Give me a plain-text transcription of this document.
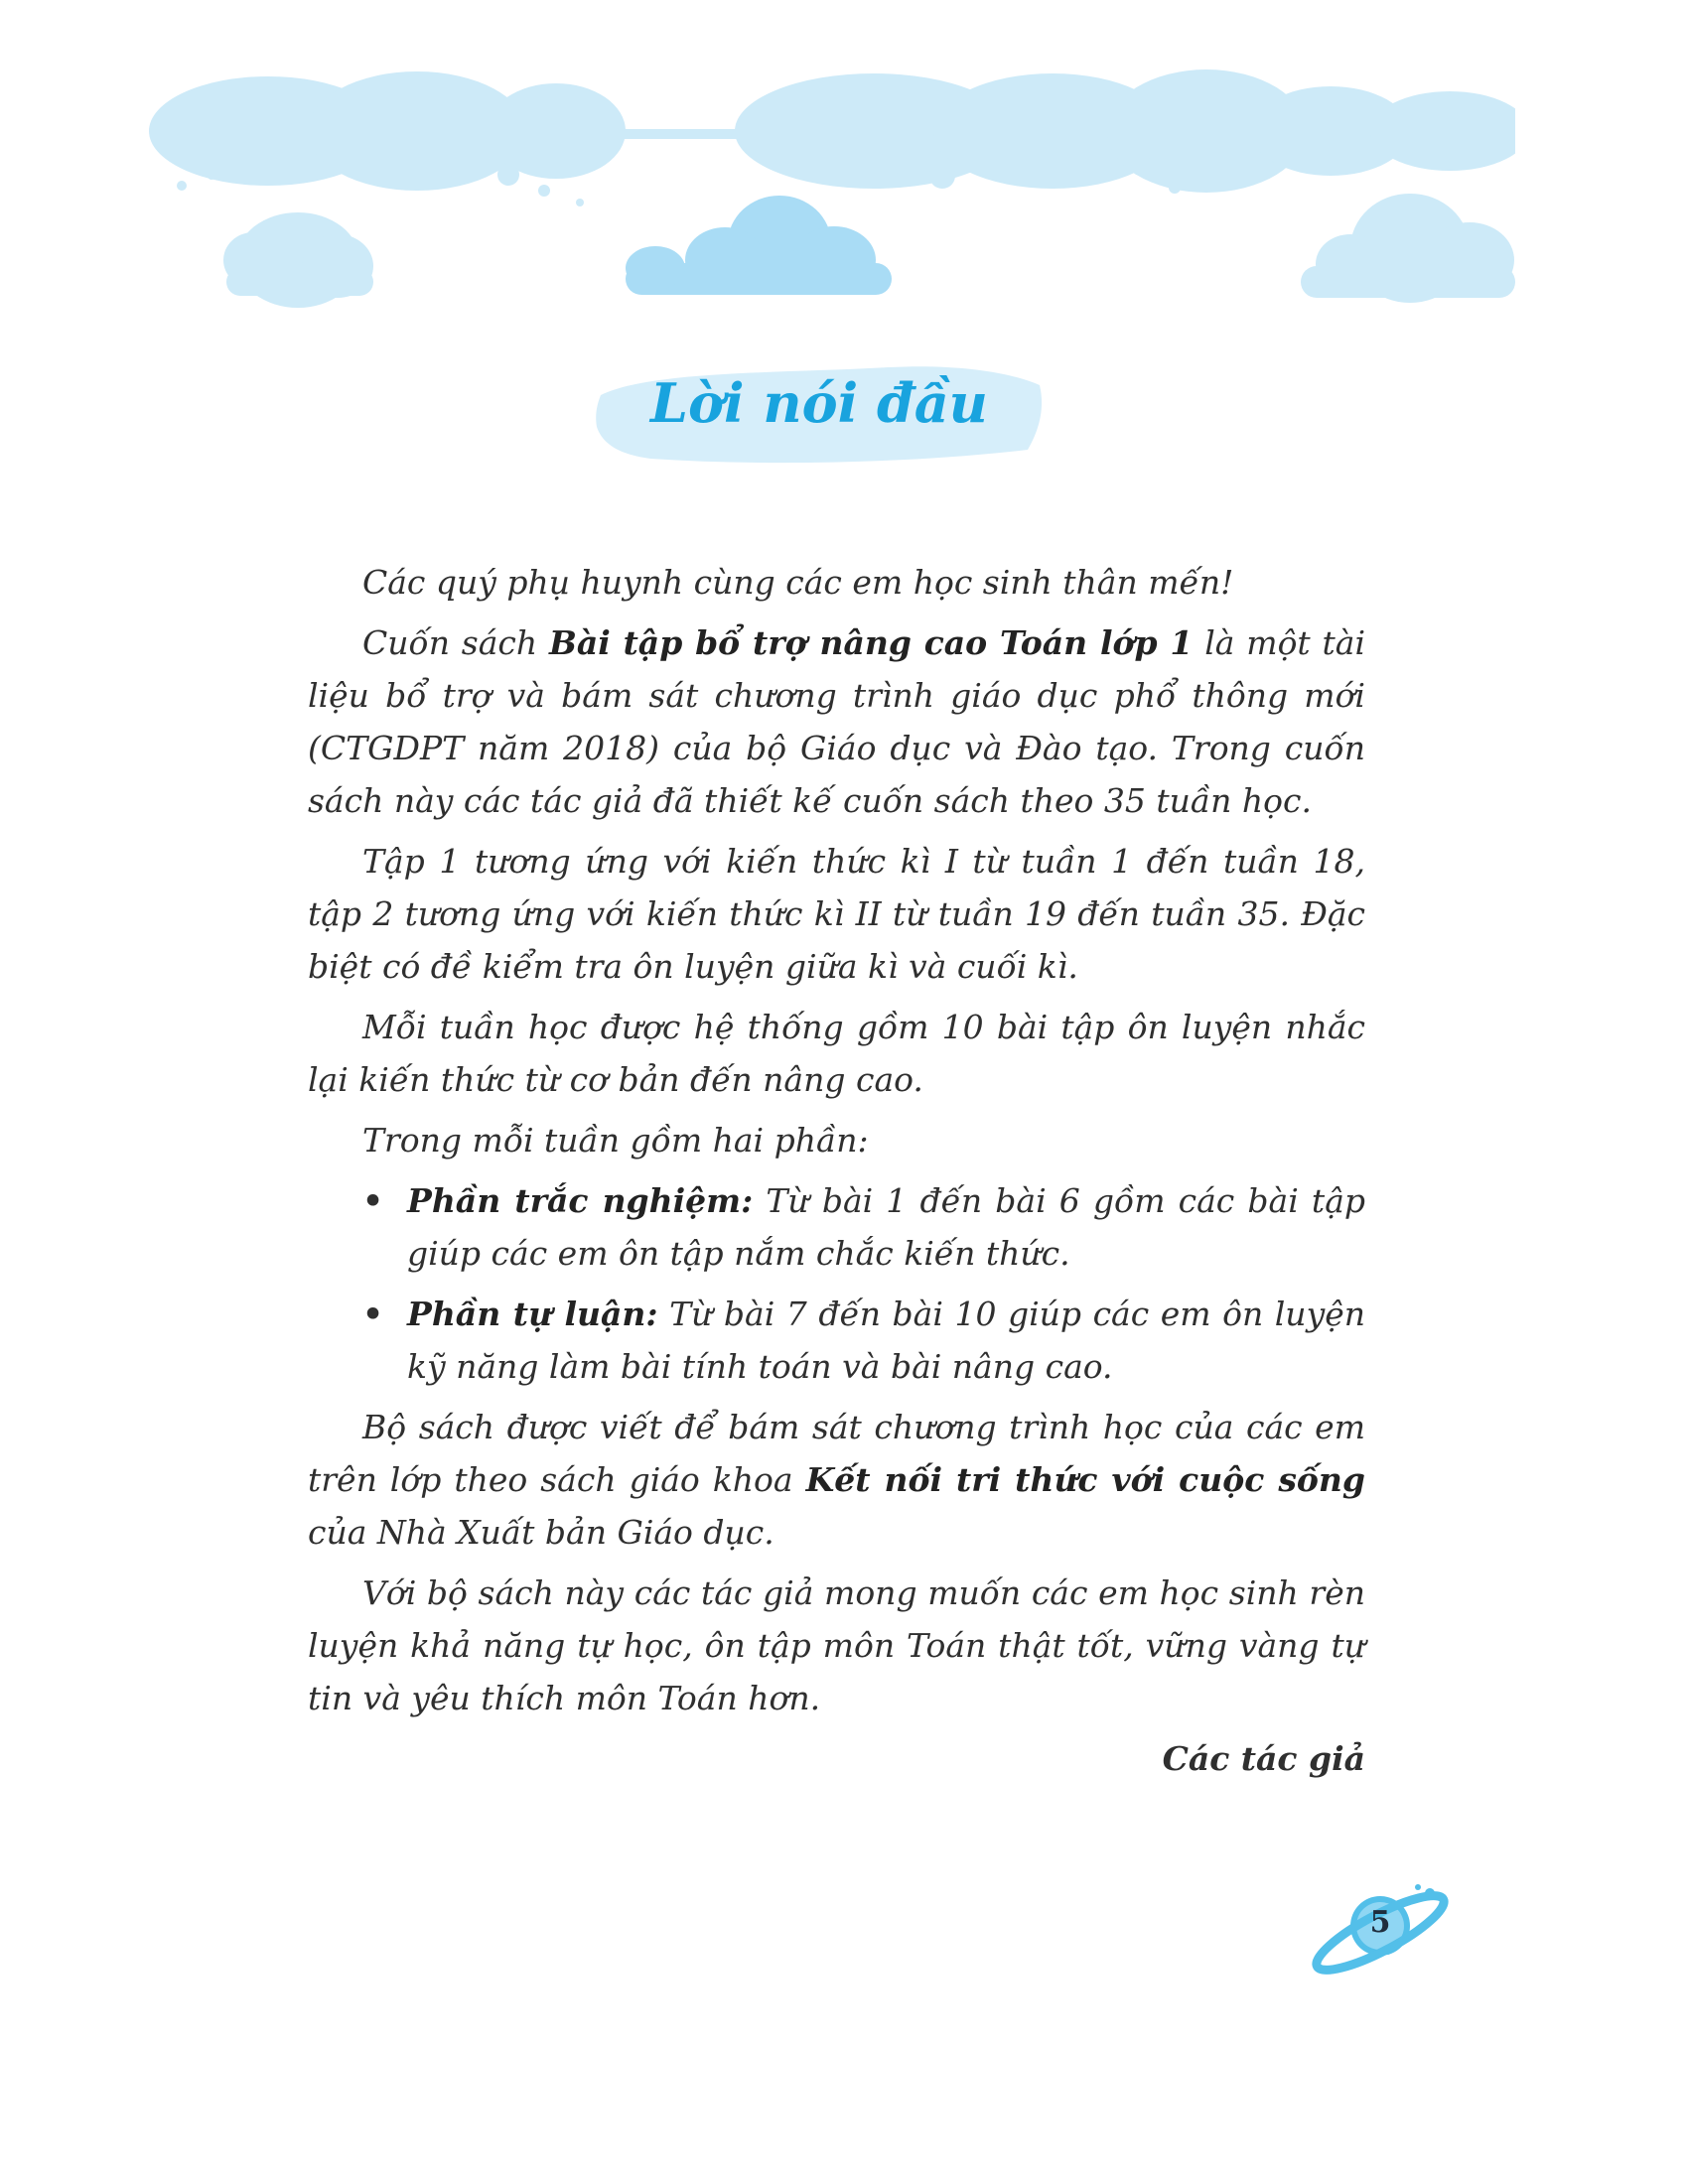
Lời nói đầu

Các quý phụ huynh cùng các em học sinh thân mến!

Cuốn sách Bài tập bổ trợ nâng cao Toán lớp 1 là một tài liệu bổ trợ và bám sát chương trình giáo dục phổ thông mới (CTGDPT năm 2018) của bộ Giáo dục và Đào tạo. Trong cuốn sách này các tác giả đã thiết kế cuốn sách theo 35 tuần học.

Tập 1 tương ứng với kiến thức kì I từ tuần 1 đến tuần 18, tập 2 tương ứng với kiến thức kì II từ tuần 19 đến tuần 35. Đặc biệt có đề kiểm tra ôn luyện giữa kì và cuối kì.

Mỗi tuần học được hệ thống gồm 10 bài tập ôn luyện nhắc lại kiến thức từ cơ bản đến nâng cao.

Trong mỗi tuần gồm hai phần:

• Phần trắc nghiệm: Từ bài 1 đến bài 6 gồm các bài tập giúp các em ôn tập nắm chắc kiến thức.
• Phần tự luận: Từ bài 7 đến bài 10 giúp các em ôn luyện kỹ năng làm bài tính toán và bài nâng cao.

Bộ sách được viết để bám sát chương trình học của các em trên lớp theo sách giáo khoa Kết nối tri thức với cuộc sống của Nhà Xuất bản Giáo dục.

Với bộ sách này các tác giả mong muốn các em học sinh rèn luyện khả năng tự học, ôn tập môn Toán thật tốt, vững vàng tự tin và yêu thích môn Toán hơn.

Các tác giả
5
